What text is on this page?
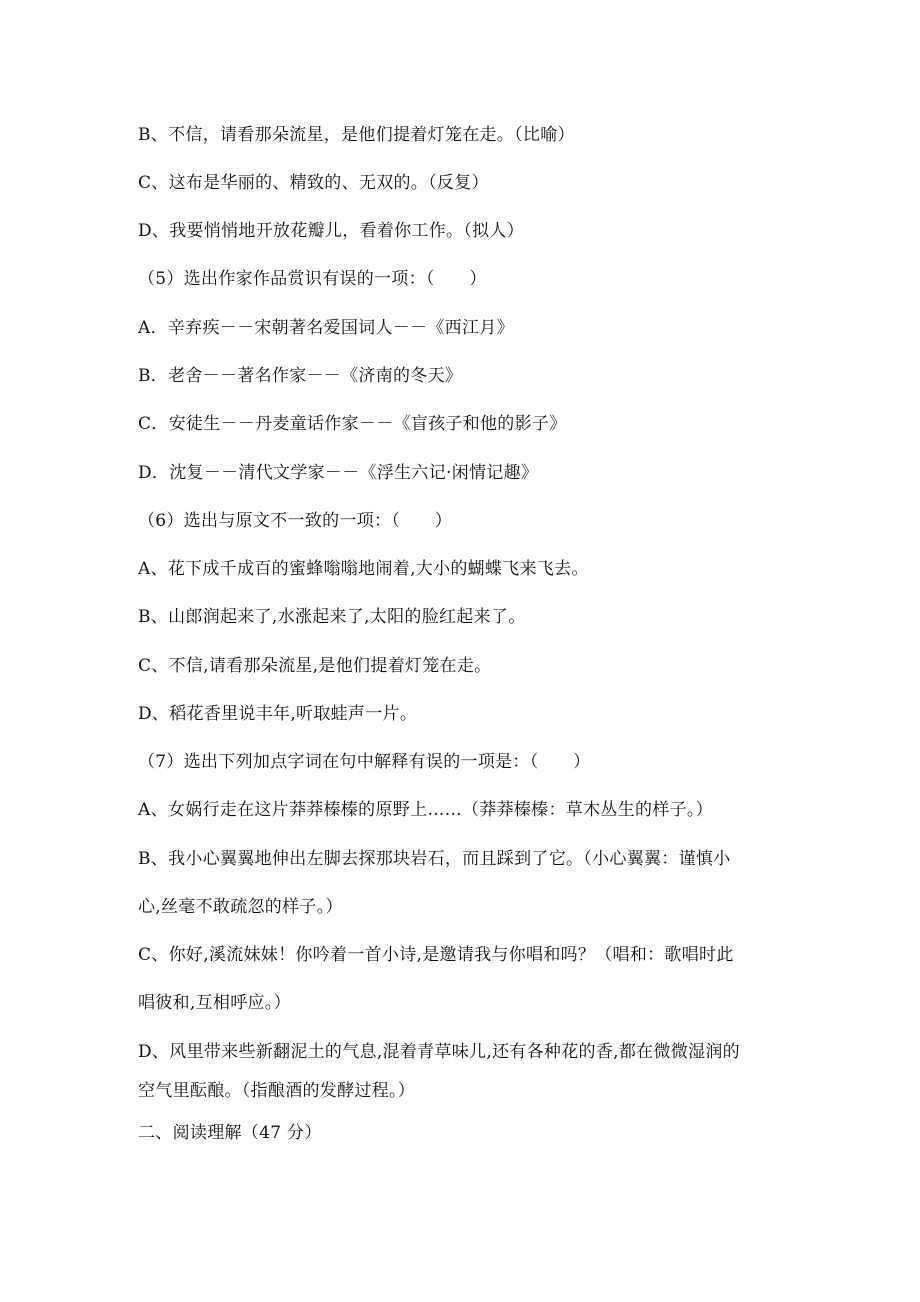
B、不信，请看那朵流星，是他们提着灯笼在走。（比喻）
C、这布是华丽的、精致的、无双的。（反复）
D、我要悄悄地开放花瓣儿，看着你工作。（拟人）
（5）选出作家作品赏识有误的一项：（　　）
A．辛弃疾－－宋朝著名爱国词人－－《西江月》
B．老舍－－著名作家－－《济南的冬天》
C．安徒生－－丹麦童话作家－－《盲孩子和他的影子》
D．沈复－－清代文学家－－《浮生六记·闲情记趣》
（6）选出与原文不一致的一项：（　　）
A、花下成千成百的蜜蜂嗡嗡地闹着,大小的蝴蝶飞来飞去。
B、山郎润起来了,水涨起来了,太阳的脸红起来了。
C、不信,请看那朵流星,是他们提着灯笼在走。
D、稻花香里说丰年,听取蛙声一片。
（7）选出下列加点字词在句中解释有误的一项是：（　　）
A、女娲行走在这片莽莽榛榛的原野上……（莽莽榛榛：草木丛生的样子。）
B、我小心翼翼地伸出左脚去探那块岩石，而且踩到了它。（小心翼翼：谨慎小
心,丝毫不敢疏忽的样子。）
C、你好,溪流妹妹！你吟着一首小诗,是邀请我与你唱和吗？（唱和：歌唱时此
唱彼和,互相呼应。）
D、风里带来些新翻泥土的气息,混着青草味儿,还有各种花的香,都在微微湿润的
空气里酝酿。（指酿酒的发酵过程。）
二、阅读理解（47 分）
